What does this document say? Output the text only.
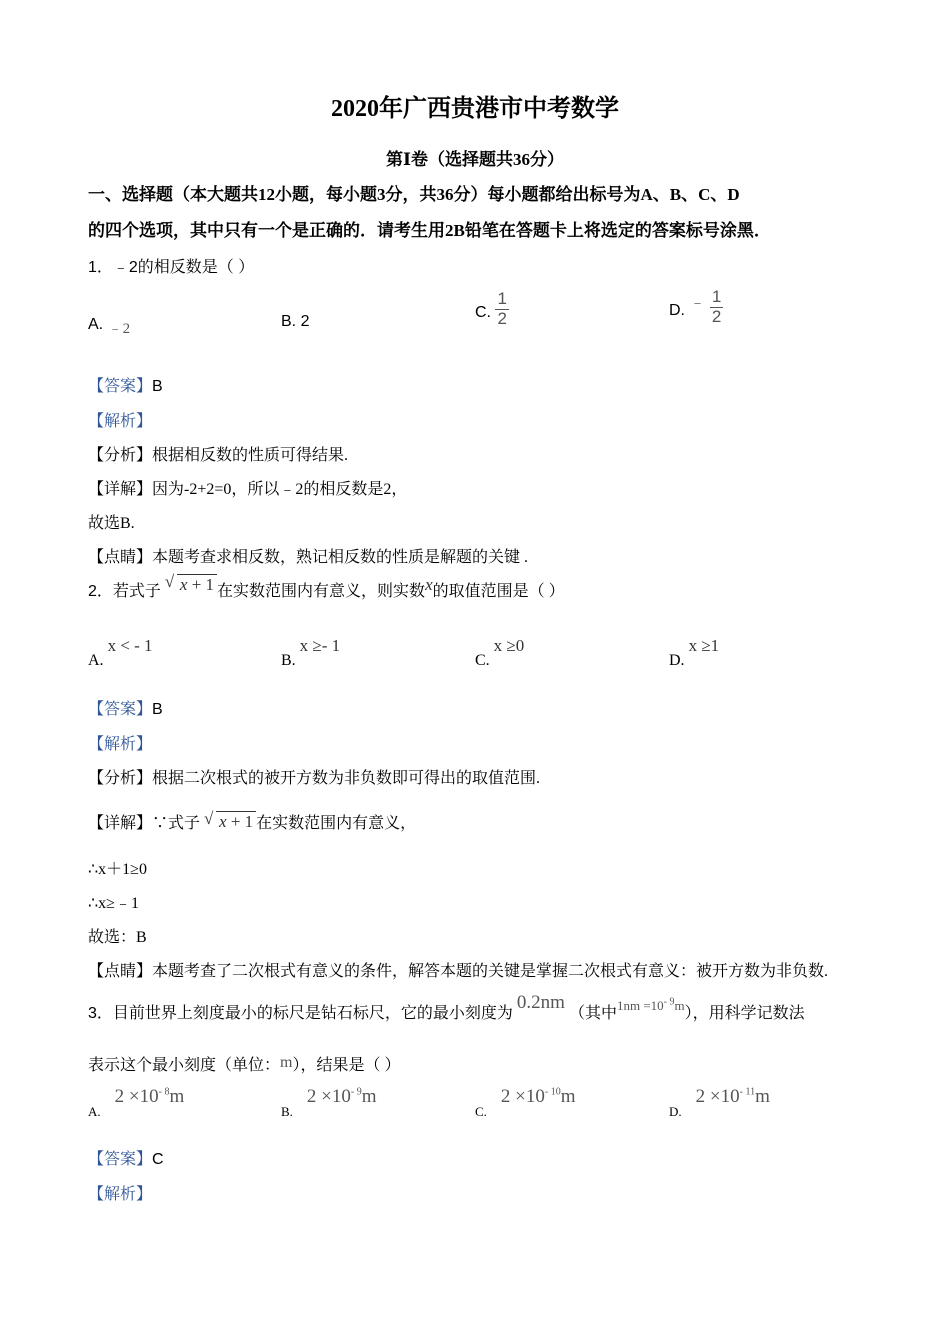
2020年广西贵港市中考数学
第Ⅰ卷（选择题共36分）
一、选择题（本大题共12小题，每小题3分，共36分）每小题都给出标号为A、B、C、D
的四个选项，其中只有一个是正确的．请考生用2B铅笔在答题卡上将选定的答案标号涂黑．
1．﹣2的相反数是（ ）
A. ﹣2	B. 2
C. $\frac{1}{2}$	D. ﹣ $\frac{1}{2}$
【答案】B
【解析】
【分析】根据相反数的性质可得结果.
【详解】因为-2+2=0，所以﹣2的相反数是2，
故选B.
【点睛】本题考查求相反数，熟记相反数的性质是解题的关键 .
2．若式子 √ x + 1 在实数范围内有意义，则实数x的取值范围是（ ）
A. x < - 1
B. x ≥- 1
C. x ≥0
D. x ≥1
【答案】B
【解析】
【分析】根据二次根式的被开方数为非负数即可得出的取值范围.
【详解】∵式子 √ x + 1 在实数范围内有意义，
∴x＋1≥0
∴x≥﹣1
故选：B
【点睛】本题考查了二次根式有意义的条件，解答本题的关键是掌握二次根式有意义：被开方数为非负数.
3．目前世界上刻度最小的标尺是钻石标尺，它的最小刻度为 0.2nm （其中$^{1nm =10^{- 9}m}$），用科学记数法
表示这个最小刻度（单位：m），结果是（ ）
$_{A.}$ $2 \times 10^{- 8}m$
$_{B.}$ $2 \times 10^{- 9}m$
$_{C.}$ $2 \times 10^{- 10}m$
$_{D.}$ $2 \times 10^{- 11}m$
【答案】C
【解析】
